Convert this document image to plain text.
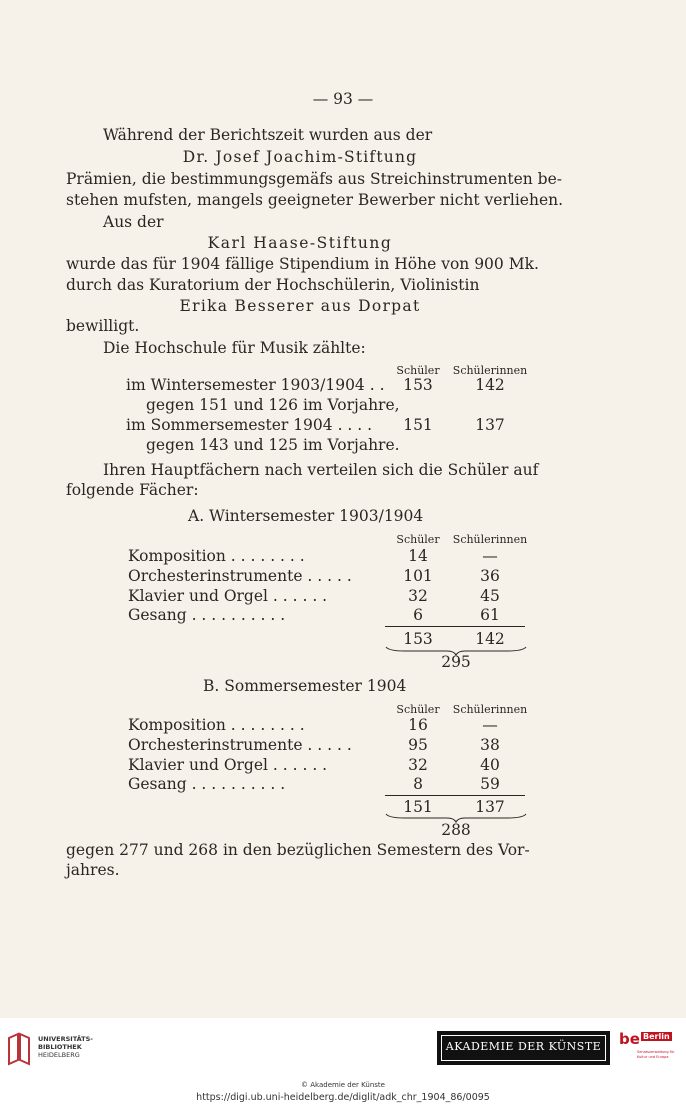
— 93 —
Während der Berichtszeit wurden aus der
Dr. Josef Joachim-Stiftung
Prämien, die bestimmungsgemäfs aus Streichinstrumenten be-
stehen mufsten, mangels geeigneter Bewerber nicht verliehen.
Aus der
Karl Haase-Stiftung
wurde das für 1904 fällige Stipendium in Höhe von 900 Mk.
durch das Kuratorium der Hochschülerin, Violinistin
Erika Besserer aus Dorpat
bewilligt.
Die Hochschule für Musik zählte:
Schüler	Schülerinnen
im Wintersemester 1903/1904 . .	153	142
gegen 151 und 126 im Vorjahre,
im Sommersemester 1904 . . . .	151	137
gegen 143 und 125 im Vorjahre.
Ihren Hauptfächern nach verteilen sich die Schüler auf
folgende Fächer:
A. Wintersemester 1903/1904
Schüler	Schülerinnen
Komposition . . . . . . . .	14	—
Orchesterinstrumente . . . . .	101	36
Klavier und Orgel . . . . . .	32	45
Gesang . . . . . . . . . .	6	61
153	142
295
B. Sommersemester 1904
Schüler	Schülerinnen
Komposition . . . . . . . .	16	—
Orchesterinstrumente . . . . .	95	38
Klavier und Orgel . . . . . .	32	40
Gesang . . . . . . . . . .	8	59
151	137
288
gegen 277 und 268 in den bezüglichen Semestern des Vor-
jahres.
UNIVERSITÄTS-
BIBLIOTHEK
HEIDELBERG
AKADEMIE DER KÜNSTE	be Berlin
Senatsverwaltung für Kultur und Europa
© Akademie der Künste
https://digi.ub.uni-heidelberg.de/diglit/adk_chr_1904_86/0095
